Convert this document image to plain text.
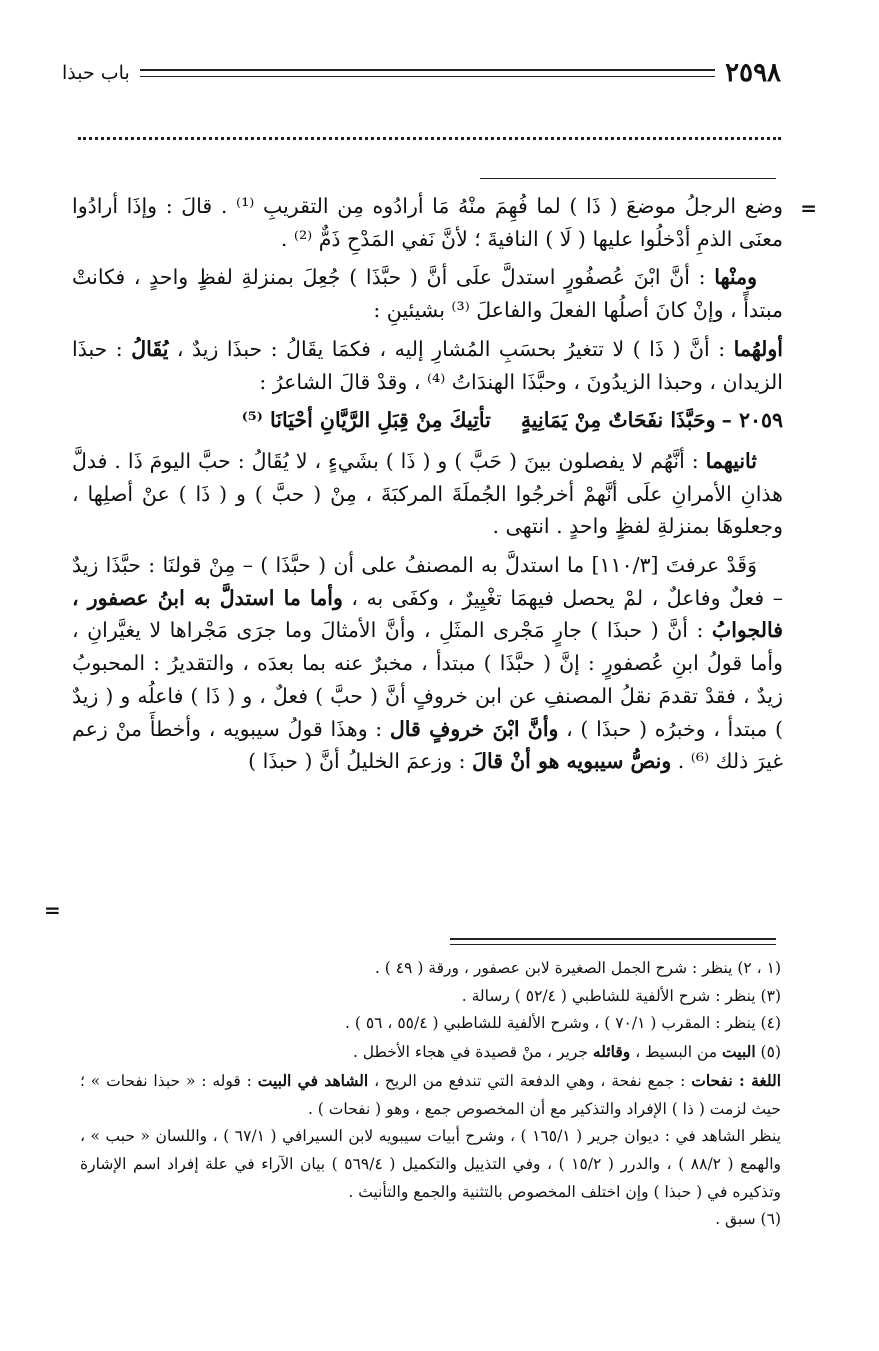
٢٥٩٨
باب حبذا
=
=

وضع الرجلُ موضعَ ( ذَا ) لما فُهِمَ منْهُ مَا أرادُوه مِن التقريبِ ⁽¹⁾ . قالَ : وإذَا أرادُوا معنَى الذمِ أدْخلُوا عليها ( لَا ) النافيةَ ؛ لأنَّ نَفي المَدْحِ ذَمٌّ ⁽²⁾ .

ومنْها : أنَّ ابْنَ عُصفُورٍ استدلَّ علَى أنَّ ( حبَّذَا ) جُعِلَ بمنزلةِ لفظٍ واحدٍ ، فكانتْ مبتدأً ، وإنْ كانَ أصلُها الفعلَ والفاعلَ ⁽³⁾ بشيئينِ :

أولهُما : أنَّ ( ذَا ) لا تتغيرُ بحسَبِ المُشارِ إليه ، فكمَا يقَالُ : حبذَا زيدٌ ، يُقَالُ : حبذَا الزيدان ، وحبذا الزيدُونَ ، وحبَّذَا الهندَاتُ ⁽⁴⁾ ، وقدْ قالَ الشاعرُ :

٢٠٥٩ –
وحَبَّذَا نفَحَاتٌ مِنْ يَمَانِيةٍ
تأتِيكَ مِنْ قِبَلِ الرَّيَّانِ أحْيَانَا ⁽⁵⁾

ثانيهما : أنَّهُم لا يفصلون بينَ ( حَبَّ ) و ( ذَا ) بشَيءٍ ، لا يُقَالُ : حبَّ اليومَ ذَا . فدلَّ هذانِ الأمرانِ علَى أنَّهمْ أخرجُوا الجُملَةَ المركبَةَ ، مِنْ ( حبَّ ) و ( ذَا ) عنْ أصلِها ، وجعلوهَا بمنزلةِ لفظٍ واحدٍ . انتهى .

وَقَدْ عرفتَ [١١٠/٣] ما استدلَّ به المصنفُ على أن ( حبَّذَا ) – مِنْ قولنَا : حبَّذَا زيدٌ – فعلٌ وفاعلٌ ، لمْ يحصل فيهمَا تغْيِيرٌ ، وكفَى به ، وأما ما استدلَّ به ابنُ عصفور ، فالجوابُ : أنَّ ( حبذَا ) جارٍ مَجْرى المثَلِ ، وأنَّ الأمثالَ وما جرَى مَجْراها لا يغيَّرانِ ، وأما قولُ ابنِ عُصفورٍ : إنَّ ( حبَّذَا ) مبتدأ ، مخبرٌ عنه بما بعدَه ، والتقديرُ : المحبوبُ زيدٌ ، فقدْ تقدمَ نقلُ المصنفِ عن ابن خروفٍ أنَّ ( حبَّ ) فعلٌ ، و ( ذَا ) فاعلُه و ( زيدٌ ) مبتدأ ، وخبرُه ( حبذَا ) ، وأنَّ ابْنَ خروفٍ قال : وهذَا قولُ سيبويه ، وأخطأَ منْ زعم غيرَ ذلك ⁽⁶⁾ . ونصُّ سيبويه هو أنْ قالَ : وزعمَ الخليلُ أنَّ ( حبذَا )

(١ ، ٢) ينظر : شرح الجمل الصغيرة لابن عصفور ، ورقة ( ٤٩ ) .

(٣) ينظر : شرح الألفية للشاطبي ( ٥٢/٤ ) رسالة .

(٤) ينظر : المقرب ( ٧٠/١ ) ، وشرح الألفية للشاطبي ( ٥٥/٤ ، ٥٦ ) .

(٥) البيت من البسيط ، وقائله جرير ، منْ قصيدة في هجاء الأخطل .

اللغة : نفحات : جمع نفحة ، وهي الدفعة التي تندفع من الريح ، الشاهد في البيت : قوله : « حبذا نفحات » ؛ حيث لزمت ( ذا ) الإفراد والتذكير مع أن المخصوص جمع ، وهو ( نفحات ) .

ينظر الشاهد في : ديوان جرير ( ١٦٥/١ ) ، وشرح أبيات سيبويه لابن السيرافي ( ٦٧/١ ) ، واللسان « حبب » ، والهمع ( ٨٨/٢ ) ، والدرر ( ١٥/٢ ) ، وفي التذييل والتكميل ( ٥٦٩/٤ ) بيان الآراء في علة إفراد اسم الإشارة وتذكيره في ( حبذا ) وإن اختلف المخصوص بالتثنية والجمع والتأنيث .

(٦) سبق .
